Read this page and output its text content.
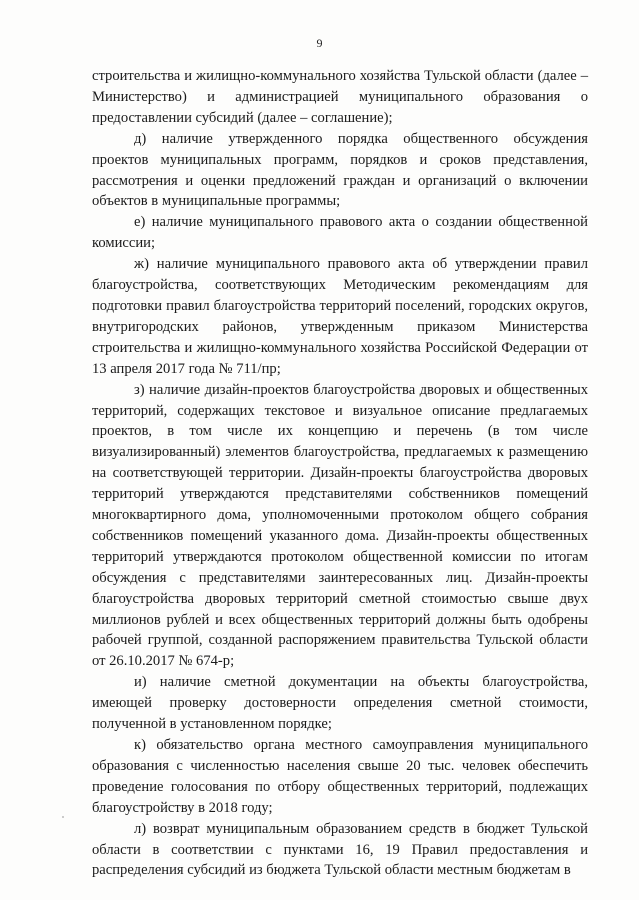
9

строительства и жилищно-коммунального хозяйства Тульской области (далее – Министерство) и администрацией муниципального образования о предоставлении субсидий (далее – соглашение);

д) наличие утвержденного порядка общественного обсуждения проектов муниципальных программ, порядков и сроков представления, рассмотрения и оценки предложений граждан и организаций о включении объектов в муниципальные программы;

е) наличие муниципального правового акта о создании общественной комиссии;

ж) наличие муниципального правового акта об утверждении правил благоустройства, соответствующих Методическим рекомендациям для подготовки правил благоустройства территорий поселений, городских округов, внутригородских районов, утвержденным приказом Министерства строительства и жилищно-коммунального хозяйства Российской Федерации от 13 апреля 2017 года № 711/пр;

з) наличие дизайн-проектов благоустройства дворовых и общественных территорий, содержащих текстовое и визуальное описание предлагаемых проектов, в том числе их концепцию и перечень (в том числе визуализированный) элементов благоустройства, предлагаемых к размещению на соответствующей территории. Дизайн-проекты благоустройства дворовых территорий утверждаются представителями собственников помещений многоквартирного дома, уполномоченными протоколом общего собрания собственников помещений указанного дома. Дизайн-проекты общественных территорий утверждаются протоколом общественной комиссии по итогам обсуждения с представителями заинтересованных лиц. Дизайн-проекты благоустройства дворовых территорий сметной стоимостью свыше двух миллионов рублей и всех общественных территорий должны быть одобрены рабочей группой, созданной распоряжением правительства Тульской области от 26.10.2017 № 674-р;

и) наличие сметной документации на объекты благоустройства, имеющей проверку достоверности определения сметной стоимости, полученной в установленном порядке;

к) обязательство органа местного самоуправления муниципального образования с численностью населения свыше 20 тыс. человек обеспечить проведение голосования по отбору общественных территорий, подлежащих благоустройству в 2018 году;

л) возврат муниципальным образованием средств в бюджет Тульской области в соответствии с пунктами 16, 19 Правил предоставления и распределения субсидий из бюджета Тульской области местным бюджетам в
